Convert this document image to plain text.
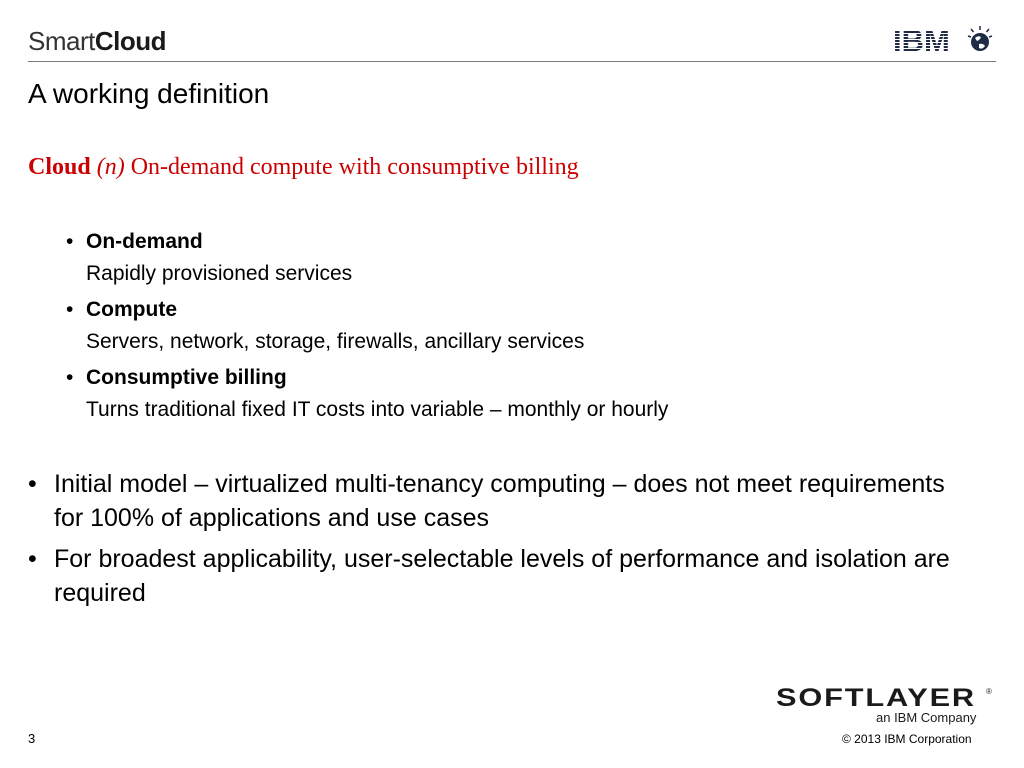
SmartCloud	IBM
A working definition
Cloud (n) On-demand compute with consumptive billing
• On-demand
Rapidly provisioned services
• Compute
Servers, network, storage, firewalls, ancillary services
• Consumptive billing
Turns traditional fixed IT costs into variable – monthly or hourly
• Initial model – virtualized multi-tenancy computing – does not meet requirements for 100% of applications and use cases
• For broadest applicability, user-selectable levels of performance and isolation are required
SOFTLAYER ®
an IBM Company
3	© 2013 IBM Corporation
